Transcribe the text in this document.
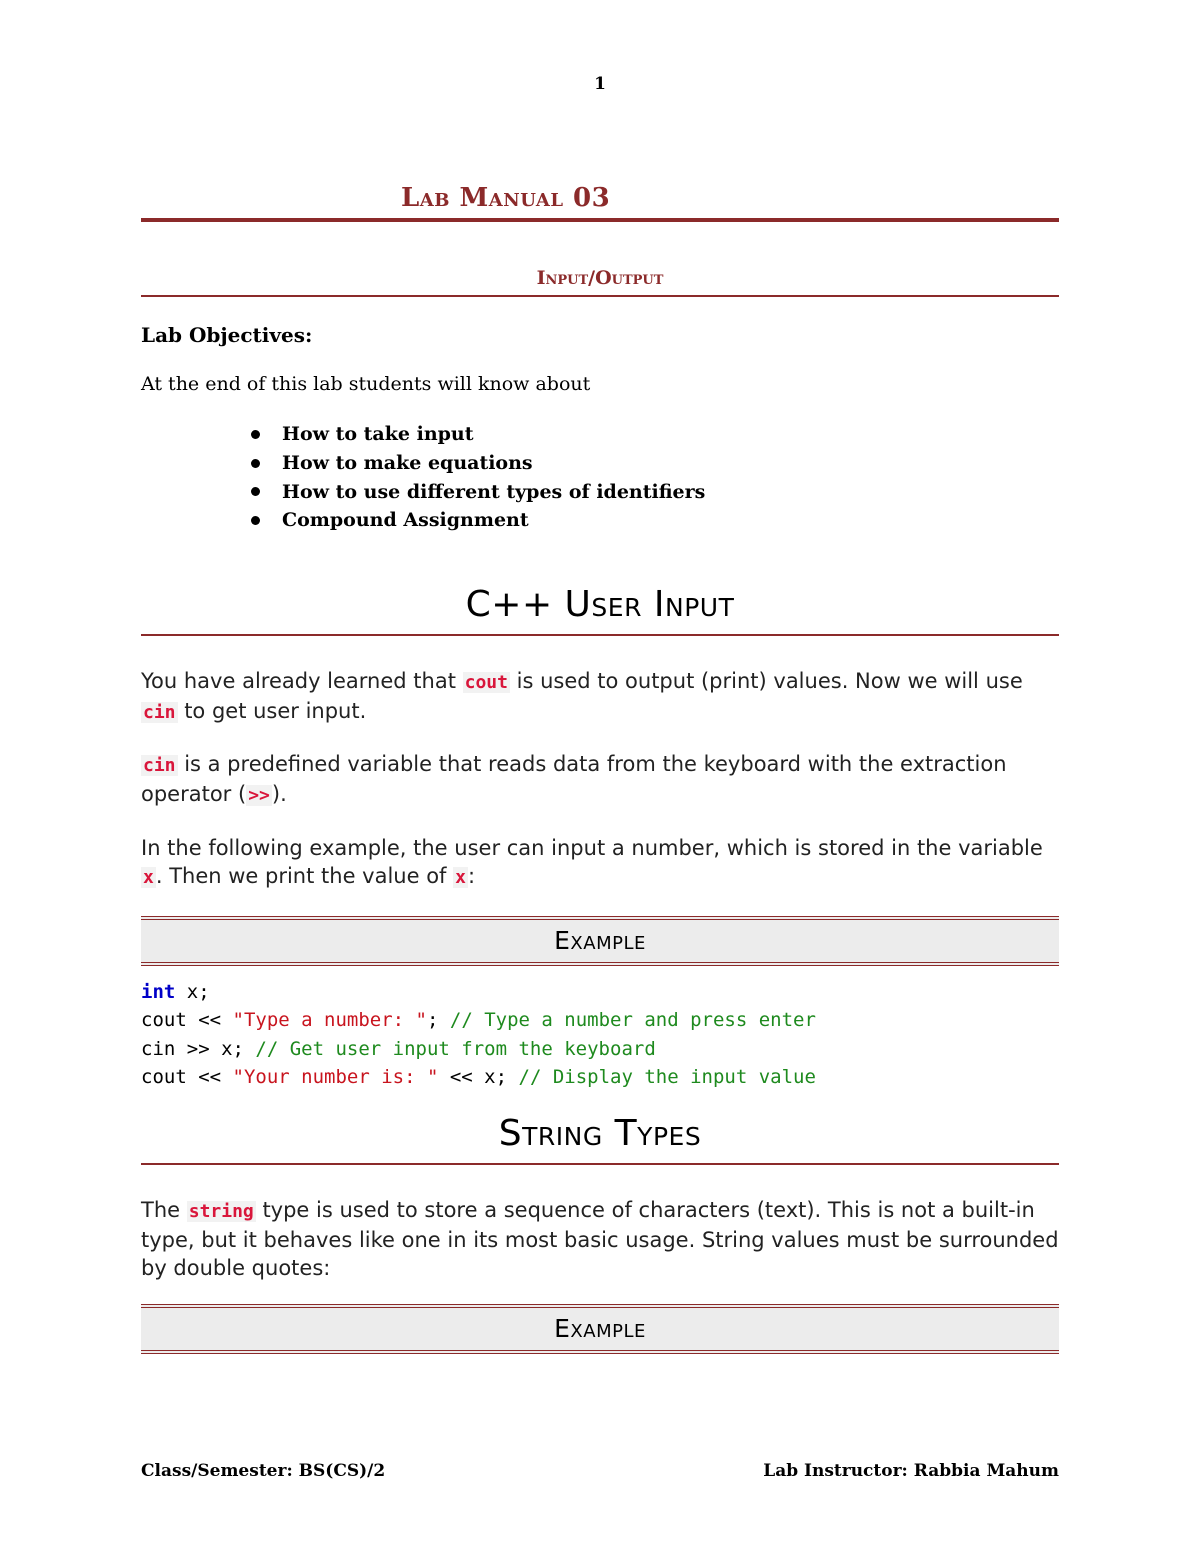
1
Lab Manual 03
Input/Output
Lab Objectives:
At the end of this lab students will know about
How to take input
How to make equations
How to use different types of identifiers
Compound Assignment
C++ User Input
You have already learned that cout is used to output (print) values. Now we will use cin to get user input.
cin is a predefined variable that reads data from the keyboard with the extraction operator ( >>).
In the following example, the user can input a number, which is stored in the variable x. Then we print the value of x:
Example
int x;
cout << "Type a number: "; // Type a number and press enter
cin >> x; // Get user input from the keyboard
cout << "Your number is: " << x; // Display the input value
String Types
The string type is used to store a sequence of characters (text). This is not a built-in type, but it behaves like one in its most basic usage. String values must be surrounded by double quotes:
Example
Class/Semester: BS(CS)/2	Lab Instructor: Rabbia Mahum
